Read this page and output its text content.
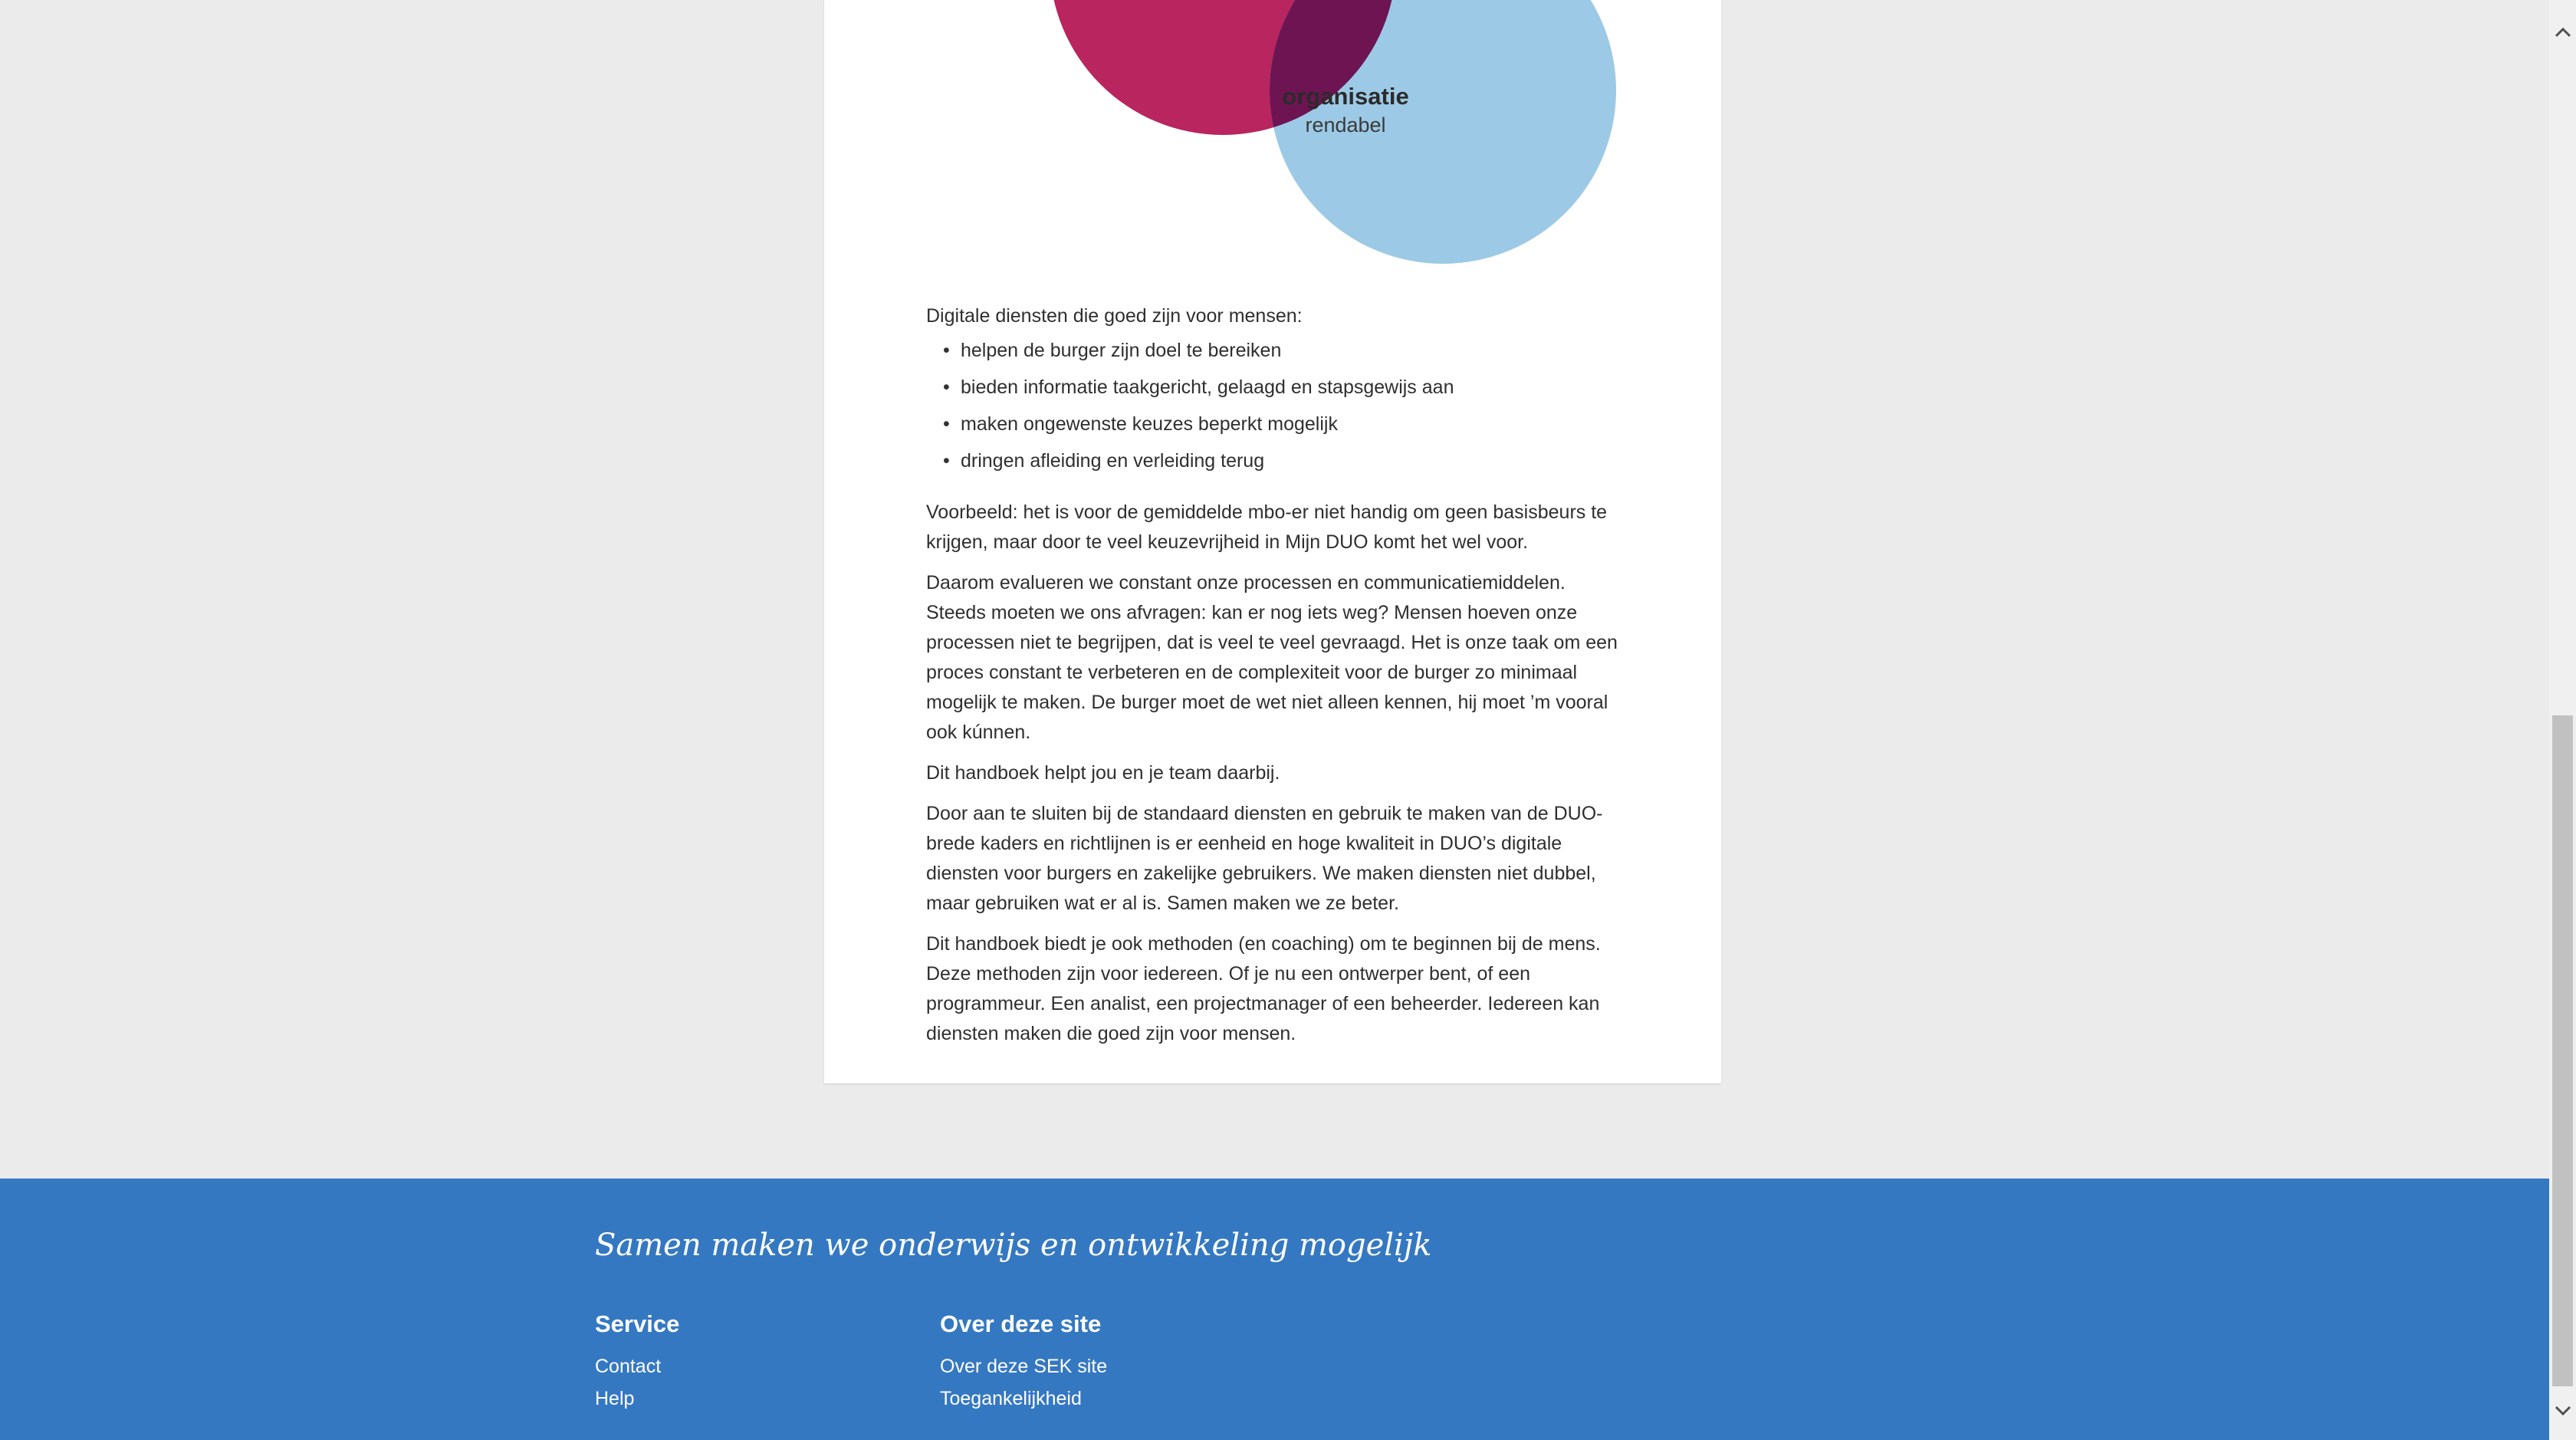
organisatie
rendabel

Digitale diensten die goed zijn voor mensen:

• helpen de burger zijn doel te bereiken
• bieden informatie taakgericht, gelaagd en stapsgewijs aan
• maken ongewenste keuzes beperkt mogelijk
• dringen afleiding en verleiding terug

Voorbeeld: het is voor de gemiddelde mbo-er niet handig om geen basisbeurs te krijgen, maar door te veel keuzevrijheid in Mijn DUO komt het wel voor.

Daarom evalueren we constant onze processen en communicatiemiddelen. Steeds moeten we ons afvragen: kan er nog iets weg? Mensen hoeven onze processen niet te begrijpen, dat is veel te veel gevraagd. Het is onze taak om een proces constant te verbeteren en de complexiteit voor de burger zo minimaal mogelijk te maken. De burger moet de wet niet alleen kennen, hij moet ’m vooral ook kúnnen.

Dit handboek helpt jou en je team daarbij.

Door aan te sluiten bij de standaard diensten en gebruik te maken van de DUO-brede kaders en richtlijnen is er eenheid en hoge kwaliteit in DUO’s digitale diensten voor burgers en zakelijke gebruikers. We maken diensten niet dubbel, maar gebruiken wat er al is. Samen maken we ze beter.

Dit handboek biedt je ook methoden (en coaching) om te beginnen bij de mens. Deze methoden zijn voor iedereen. Of je nu een ontwerper bent, of een programmeur. Een analist, een projectmanager of een beheerder. Iedereen kan diensten maken die goed zijn voor mensen.

Samen maken we onderwijs en ontwikkeling mogelijk
Service
Contact
Help
Over deze site
Over deze SEK site
Toegankelijkheid
